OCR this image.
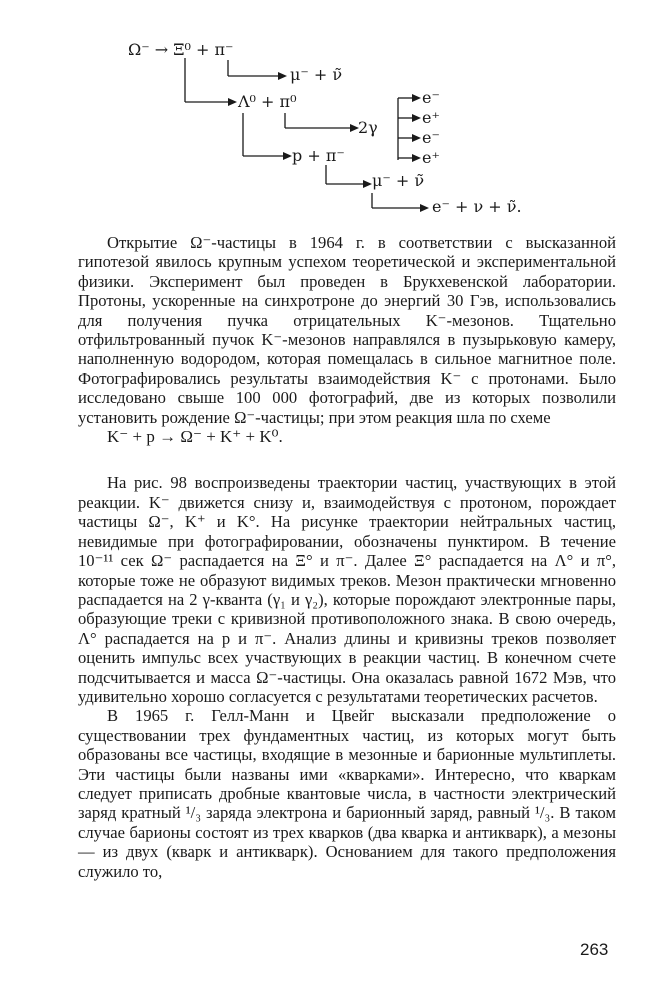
Ω⁻ → Ξ⁰ + π⁻
μ⁻ + ν̃
Λ⁰ + π⁰
2γ
p + π⁻
μ⁻ + ν̃
e⁻ + ν + ν̃.
e⁻
e⁺
e⁻
e⁺

Открытие Ω⁻-частицы в 1964 г. в соответствии с высказанной гипотезой явилось крупным успехом теоретической и экспериментальной физики. Эксперимент был проведен в Брукхевенской лаборатории. Протоны, ускоренные на синхротроне до энергий 30 Гэв, использовались для получения пучка отрицательных K⁻-мезонов. Тщательно отфильтрованный пучок K⁻-мезонов направлялся в пузырьковую камеру, наполненную водородом, которая помещалась в сильное магнитное поле. Фотографировались результаты взаимодействия K⁻ с протонами. Было исследовано свыше 100 000 фотографий, две из которых позволили установить рождение Ω⁻-частицы; при этом реакция шла по схеме

K⁻ + p → Ω⁻ + K⁺ + K⁰.

На рис. 98 воспроизведены траектории частиц, участвующих в этой реакции. K⁻ движется снизу и, взаимодействуя с протоном, порождает частицы Ω⁻, K⁺ и K°. На рисунке траектории нейтральных частиц, невидимые при фотографировании, обозначены пунктиром. В течение 10⁻¹¹ сек Ω⁻ распадается на Ξ° и π⁻. Далее Ξ° распадается на Λ° и π°, которые тоже не образуют видимых треков. Мезон практически мгновенно распадается на 2 γ-кванта (γ₁ и γ₂), которые порождают электронные пары, образующие треки с кривизной противоположного знака. В свою очередь, Λ° распадается на p и π⁻. Анализ длины и кривизны треков позволяет оценить импульс всех участвующих в реакции частиц. В конечном счете подсчитывается и масса Ω⁻-частицы. Она оказалась равной 1672 Мэв, что удивительно хорошо согласуется с результатами теоретических расчетов.

В 1965 г. Гелл-Манн и Цвейг высказали предположение о существовании трех фундаментных частиц, из которых могут быть образованы все частицы, входящие в мезонные и барионные мультиплеты. Эти частицы были названы ими «кварками». Интересно, что кваркам следует приписать дробные квантовые числа, в частности электрический заряд кратный ¹/₃ заряда электрона и барионный заряд, равный ¹/₃. В таком случае барионы состоят из трех кварков (два кварка и антикварк), а мезоны — из двух (кварк и антикварк). Основанием для такого предположения служило то,

263
